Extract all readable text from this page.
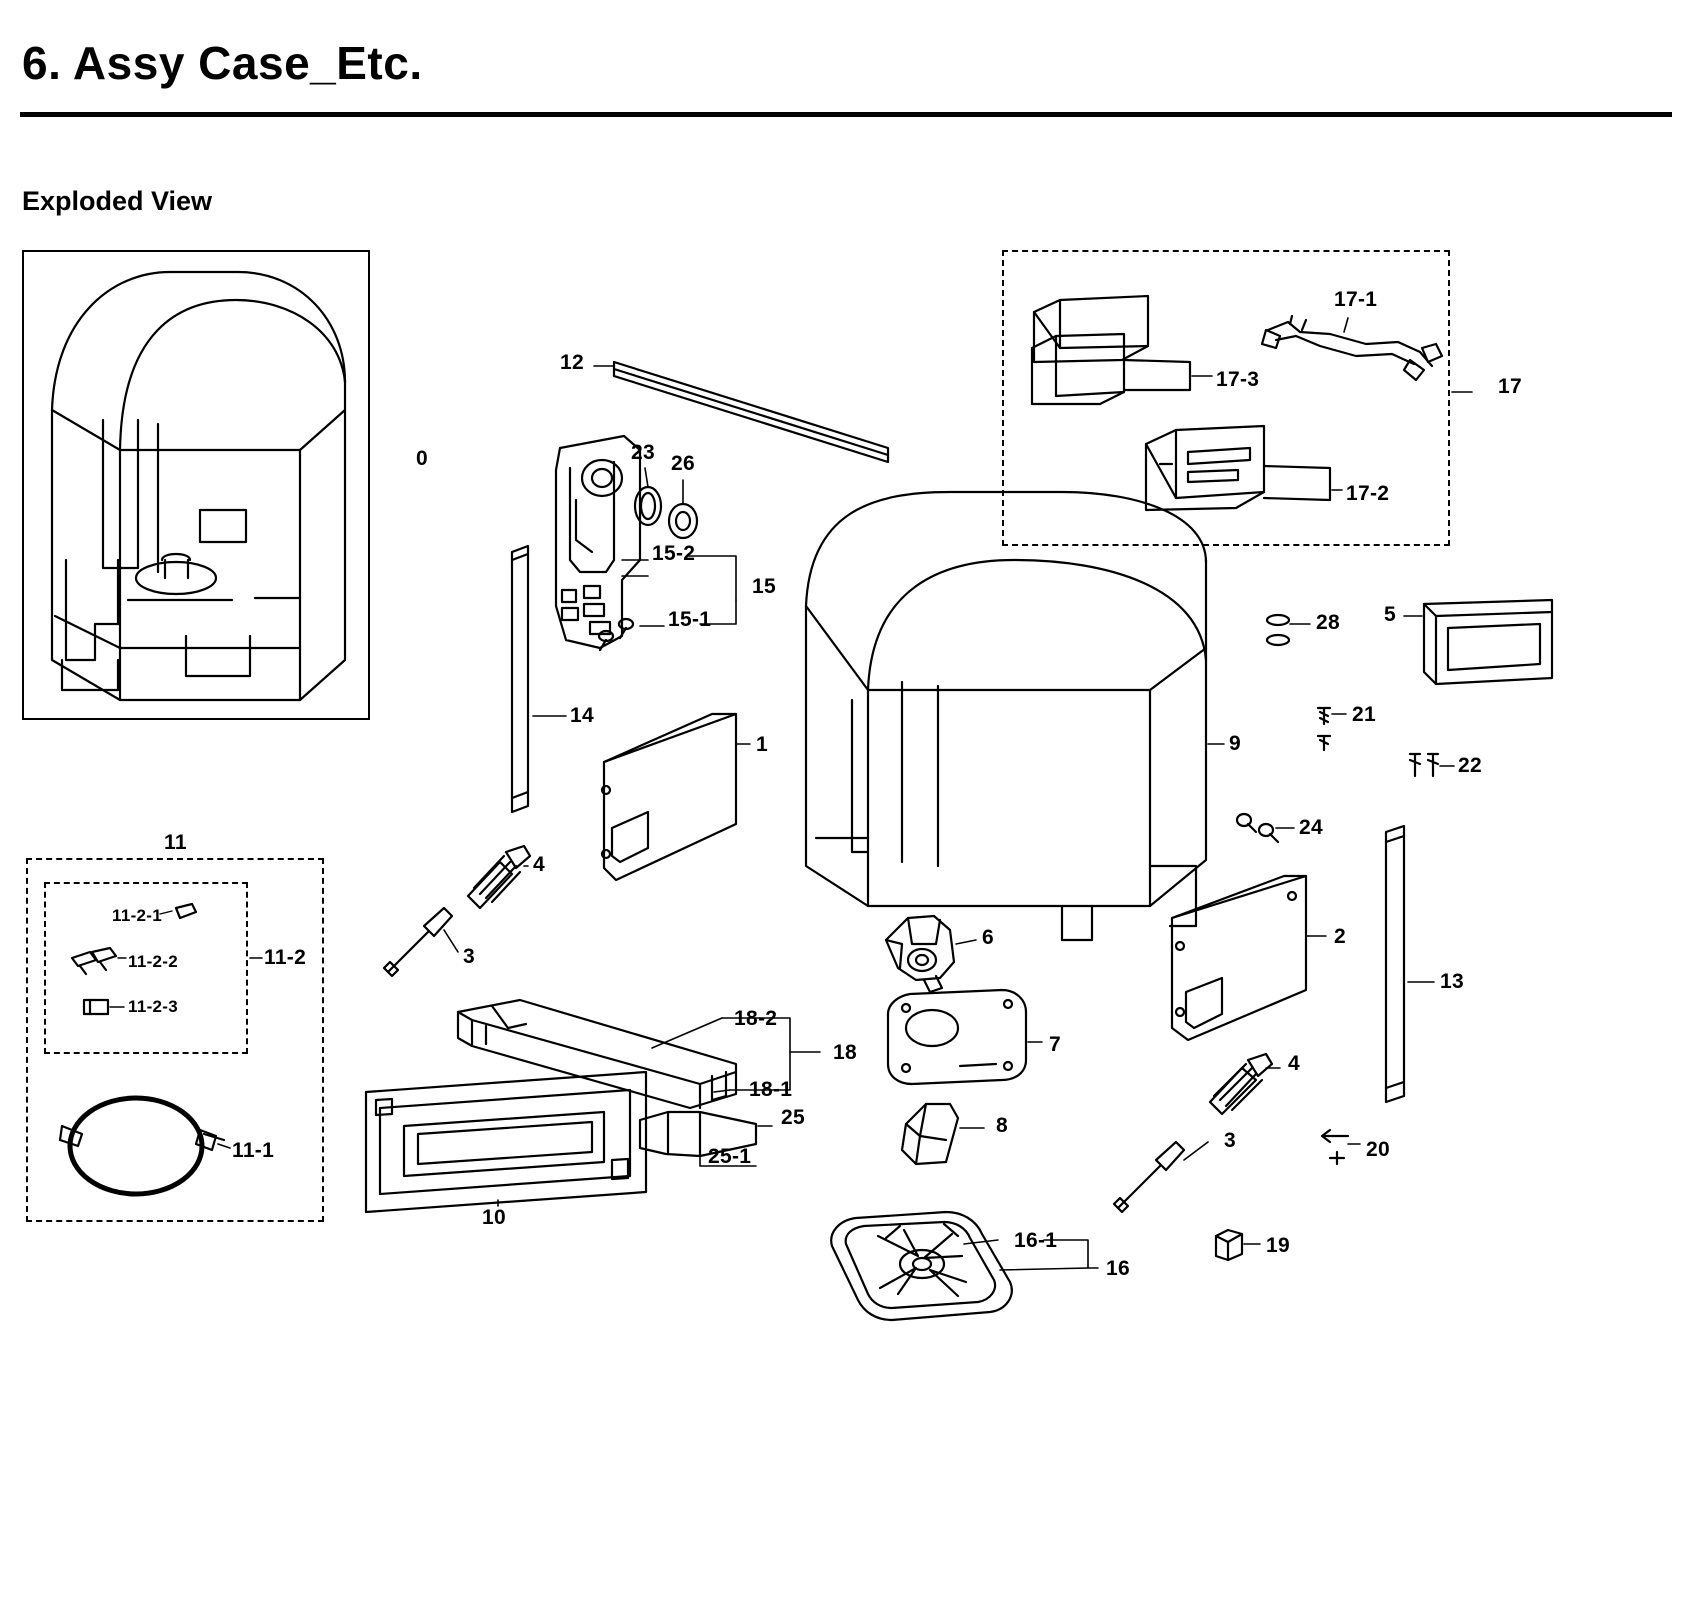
6. Assy Case_Etc.
Exploded View
0
12
23 26
15-2
15
15-1
14
1
4
3
11
11-2-1
11-2-2
11-2-3
11-2
11-1
10
18-2
18
18-1
25
25-1
6
7
8
16-1
16
9
2
4
3
13
20
19
28 5
21
22
24
17-1
17-3	17
17-2
